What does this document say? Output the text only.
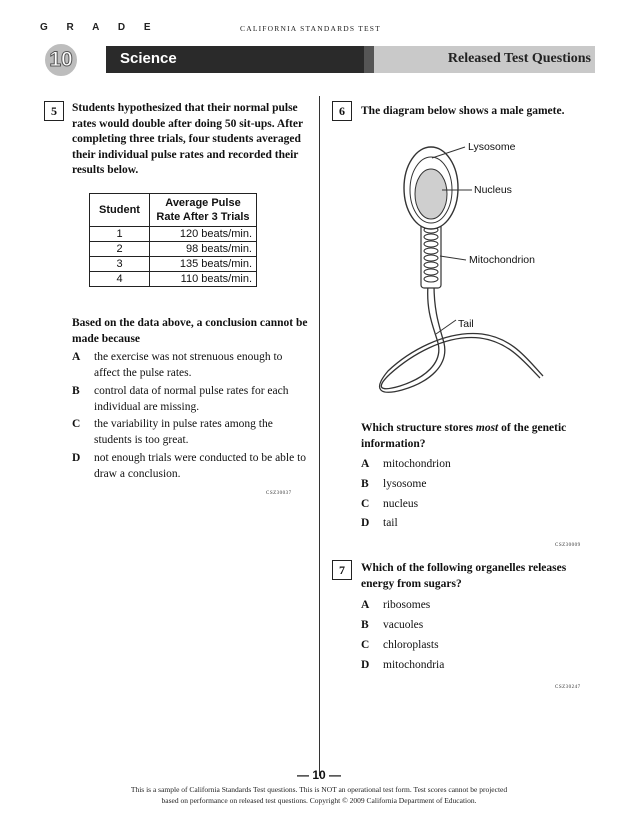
G R A D E	CALIFORNIA STANDARDS TEST
Science	Released Test Questions
10
5	Students hypothesized that their normal pulse
rates would double after doing 50 sit-ups. After
completing three trials, four students averaged
their individual pulse rates and recorded their
results below.
Student	Average Pulse
Rate After 3 Trials

1	120 beats/min.
2	98 beats/min.
3	135 beats/min.
4	110 beats/min.
Based on the data above, a conclusion cannot be
made because
A the exercise was not strenuous enough to
affect the pulse rates.
B control data of normal pulse rates for each
individual are missing.
C the variability in pulse rates among the
students is too great.
D not enough trials were conducted to be able to
draw a conclusion.
CSZ30037
6	The diagram below shows a male gamete.
Lysosome
Nucleus
Mitochondrion
Tail
Which structure stores most of the genetic
information?
A mitochondrion
B lysosome
C nucleus
D tail
CSZ30009
7	Which of the following organelles releases
energy from sugars?
A ribosomes
B vacuoles
C chloroplasts
D mitochondria
CSZ30247
— 10 —
This is a sample of California Standards Test questions. This is NOT an operational test form. Test scores cannot be projected
based on performance on released test questions. Copyright © 2009 California Department of Education.
